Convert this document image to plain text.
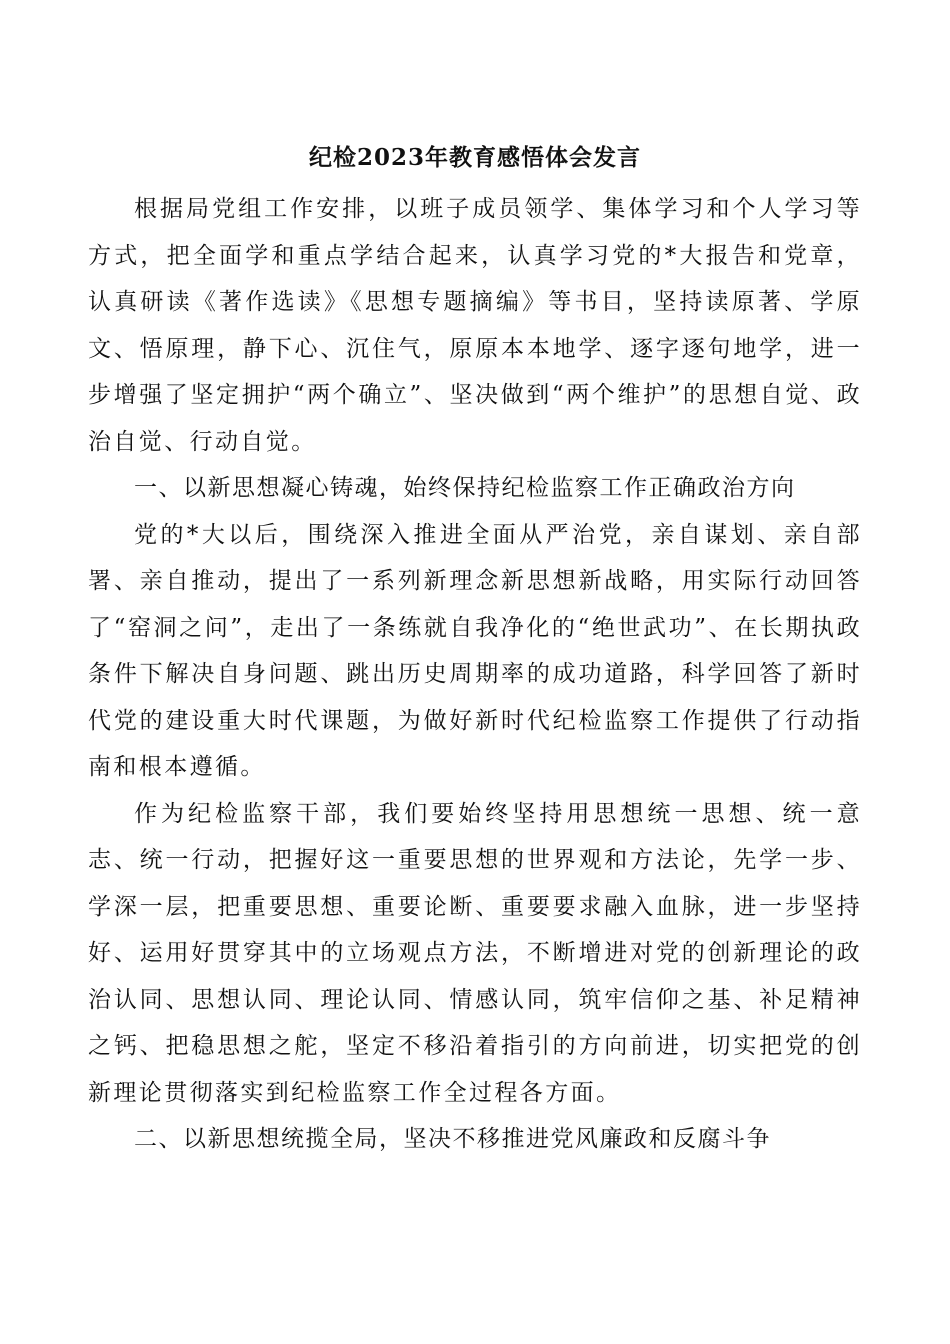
纪检2023年教育感悟体会发言

根据局党组工作安排，以班子成员领学、集体学习和个人学习等方式，把全面学和重点学结合起来，认真学习党的*大报告和党章，认真研读《著作选读》《思想专题摘编》等书目，坚持读原著、学原文、悟原理，静下心、沉住气，原原本本地学、逐字逐句地学，进一步增强了坚定拥护“两个确立”、坚决做到“两个维护”的思想自觉、政治自觉、行动自觉。

一、以新思想凝心铸魂，始终保持纪检监察工作正确政治方向

党的*大以后，围绕深入推进全面从严治党，亲自谋划、亲自部署、亲自推动，提出了一系列新理念新思想新战略，用实际行动回答了“窑洞之问”，走出了一条练就自我净化的“绝世武功”、在长期执政条件下解决自身问题、跳出历史周期率的成功道路，科学回答了新时代党的建设重大时代课题，为做好新时代纪检监察工作提供了行动指南和根本遵循。

作为纪检监察干部，我们要始终坚持用思想统一思想、统一意志、统一行动，把握好这一重要思想的世界观和方法论，先学一步、学深一层，把重要思想、重要论断、重要要求融入血脉，进一步坚持好、运用好贯穿其中的立场观点方法，不断增进对党的创新理论的政治认同、思想认同、理论认同、情感认同，筑牢信仰之基、补足精神之钙、把稳思想之舵，坚定不移沿着指引的方向前进，切实把党的创新理论贯彻落实到纪检监察工作全过程各方面。

二、以新思想统揽全局，坚决不移推进党风廉政和反腐斗争
